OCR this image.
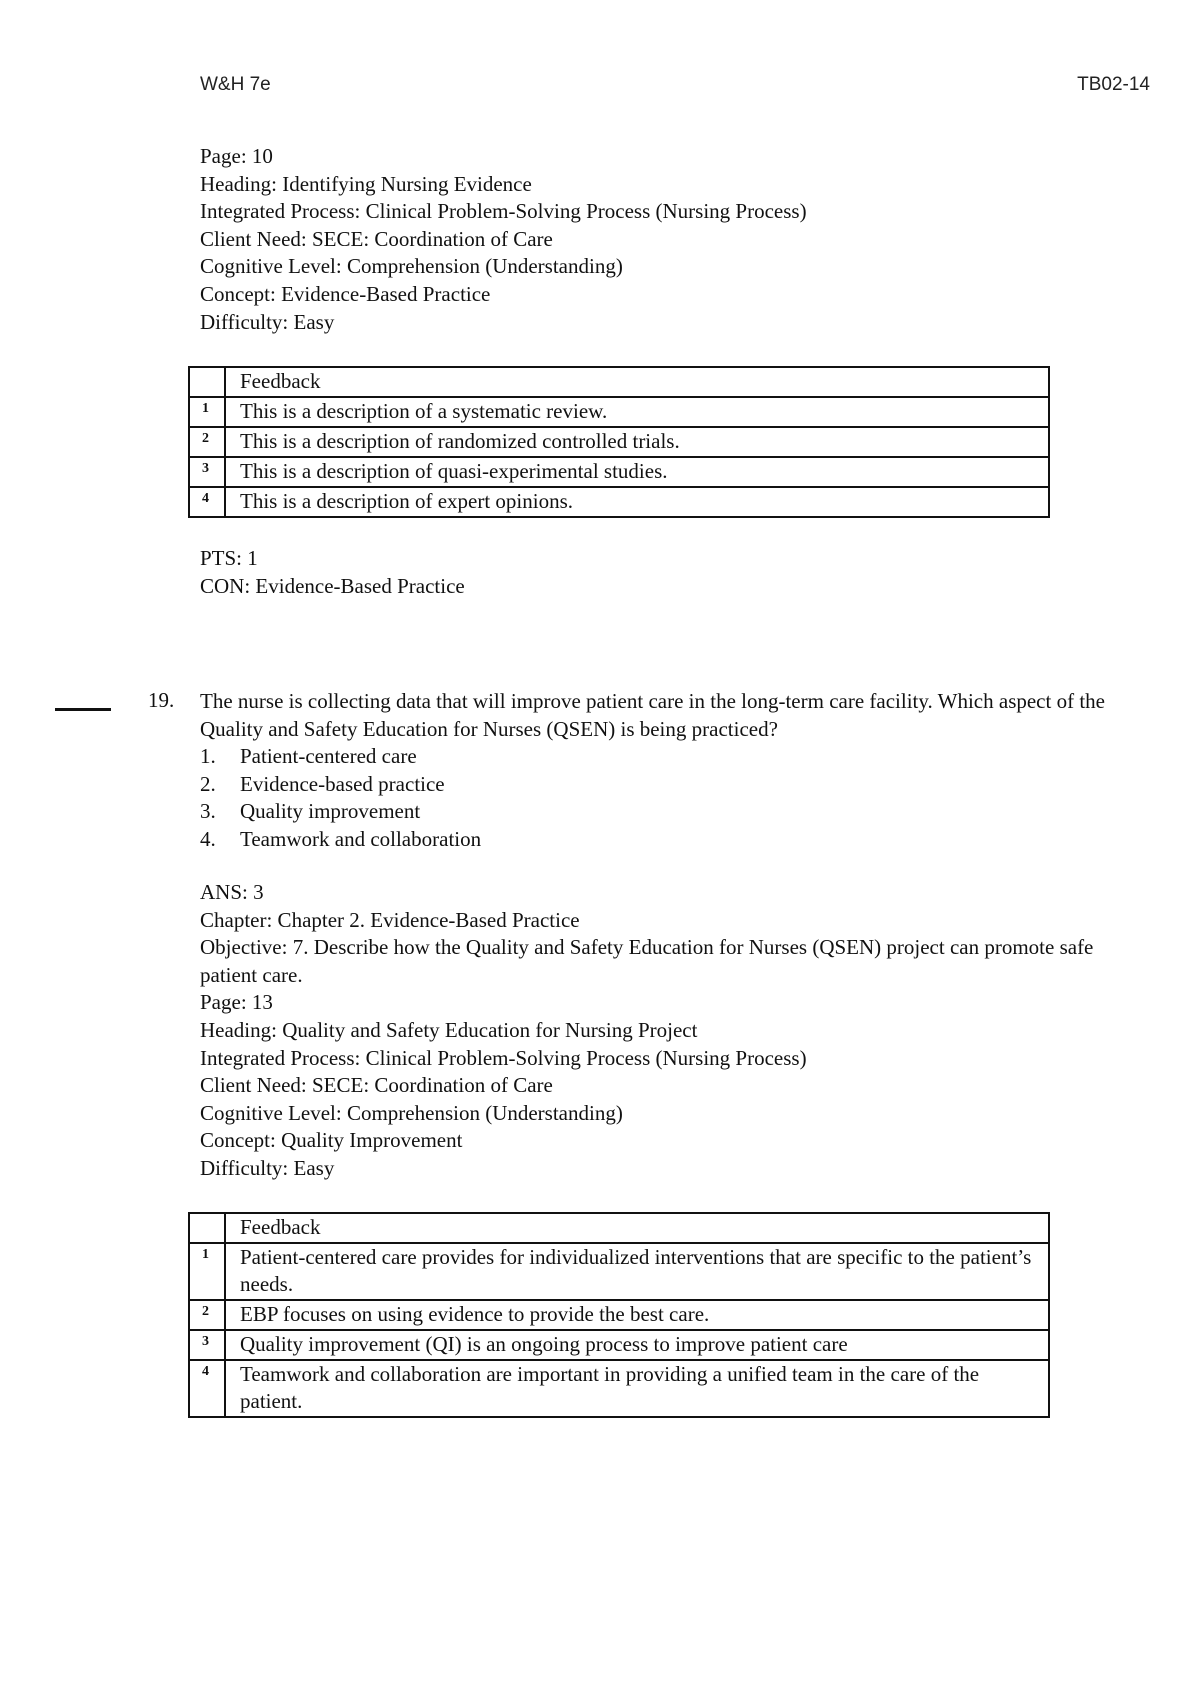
W&H 7e	TB02-14
Page: 10
Heading: Identifying Nursing Evidence
Integrated Process: Clinical Problem-Solving Process (Nursing Process)
Client Need: SECE: Coordination of Care
Cognitive Level: Comprehension (Understanding)
Concept: Evidence-Based Practice
Difficulty: Easy
	Feedback
1	This is a description of a systematic review.
2	This is a description of randomized controlled trials.
3	This is a description of quasi-experimental studies.
4	This is a description of expert opinions.
PTS: 1
CON: Evidence-Based Practice
19. The nurse is collecting data that will improve patient care in the long-term care facility. Which aspect of the Quality and Safety Education for Nurses (QSEN) is being practiced?
1. Patient-centered care
2. Evidence-based practice
3. Quality improvement
4. Teamwork and collaboration
ANS: 3
Chapter: Chapter 2. Evidence-Based Practice
Objective: 7. Describe how the Quality and Safety Education for Nurses (QSEN) project can promote safe patient care.
Page: 13
Heading: Quality and Safety Education for Nursing Project
Integrated Process: Clinical Problem-Solving Process (Nursing Process)
Client Need: SECE: Coordination of Care
Cognitive Level: Comprehension (Understanding)
Concept: Quality Improvement
Difficulty: Easy
	Feedback
1	Patient-centered care provides for individualized interventions that are specific to the patient’s needs.
2	EBP focuses on using evidence to provide the best care.
3	Quality improvement (QI) is an ongoing process to improve patient care
4	Teamwork and collaboration are important in providing a unified team in the care of the patient.
